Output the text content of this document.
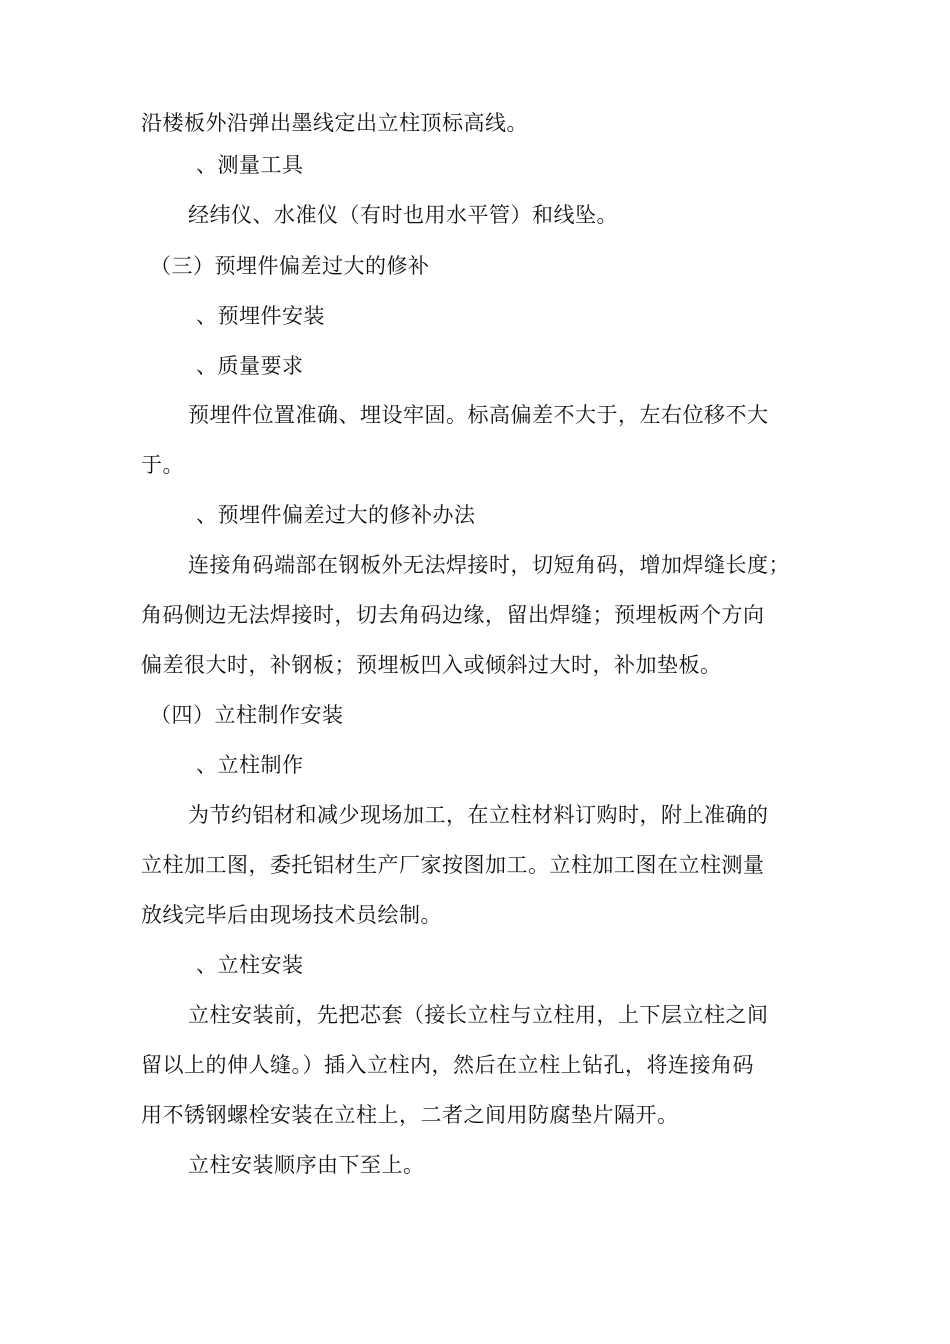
沿楼板外沿弹出墨线定出立柱顶标高线。
、测量工具
经纬仪、水准仪（有时也用水平管）和线坠。
（三）预埋件偏差过大的修补
、预埋件安装
、质量要求
预埋件位置准确、埋设牢固。标高偏差不大于，左右位移不大
于。
、预埋件偏差过大的修补办法
连接角码端部在钢板外无法焊接时，切短角码，增加焊缝长度；
角码侧边无法焊接时，切去角码边缘，留出焊缝；预埋板两个方向
偏差很大时，补钢板；预埋板凹入或倾斜过大时，补加垫板。
（四）立柱制作安装
、立柱制作
为节约铝材和减少现场加工，在立柱材料订购时，附上准确的
立柱加工图，委托铝材生产厂家按图加工。立柱加工图在立柱测量
放线完毕后由现场技术员绘制。
、立柱安装
立柱安装前，先把芯套（接长立柱与立柱用，上下层立柱之间
留以上的伸人缝。）插入立柱内，然后在立柱上钻孔，将连接角码
用不锈钢螺栓安装在立柱上，二者之间用防腐垫片隔开。
立柱安装顺序由下至上。
